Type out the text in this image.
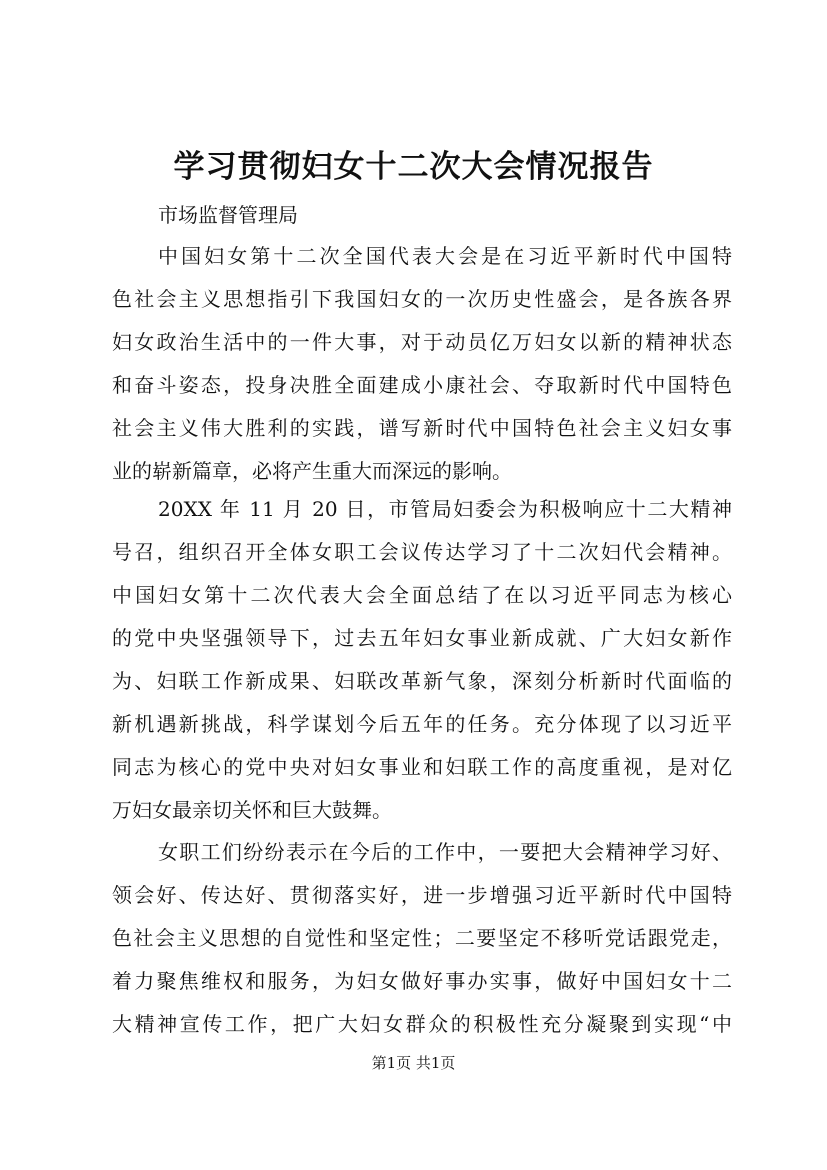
学习贯彻妇女十二次大会情况报告
市场监督管理局
中国妇女第十二次全国代表大会是在习近平新时代中国特
色社会主义思想指引下我国妇女的一次历史性盛会，是各族各界
妇女政治生活中的一件大事，对于动员亿万妇女以新的精神状态
和奋斗姿态，投身决胜全面建成小康社会、夺取新时代中国特色
社会主义伟大胜利的实践，谱写新时代中国特色社会主义妇女事
业的崭新篇章，必将产生重大而深远的影响。
20XX 年 11 月 20 日，市管局妇委会为积极响应十二大精神
号召，组织召开全体女职工会议传达学习了十二次妇代会精神。
中国妇女第十二次代表大会全面总结了在以习近平同志为核心
的党中央坚强领导下，过去五年妇女事业新成就、广大妇女新作
为、妇联工作新成果、妇联改革新气象，深刻分析新时代面临的
新机遇新挑战，科学谋划今后五年的任务。充分体现了以习近平
同志为核心的党中央对妇女事业和妇联工作的高度重视，是对亿
万妇女最亲切关怀和巨大鼓舞。
女职工们纷纷表示在今后的工作中，一要把大会精神学习好、
领会好、传达好、贯彻落实好，进一步增强习近平新时代中国特
色社会主义思想的自觉性和坚定性；二要坚定不移听党话跟党走，
着力聚焦维权和服务，为妇女做好事办实事，做好中国妇女十二
大精神宣传工作，把广大妇女群众的积极性充分凝聚到实现“中
第1页 共1页
